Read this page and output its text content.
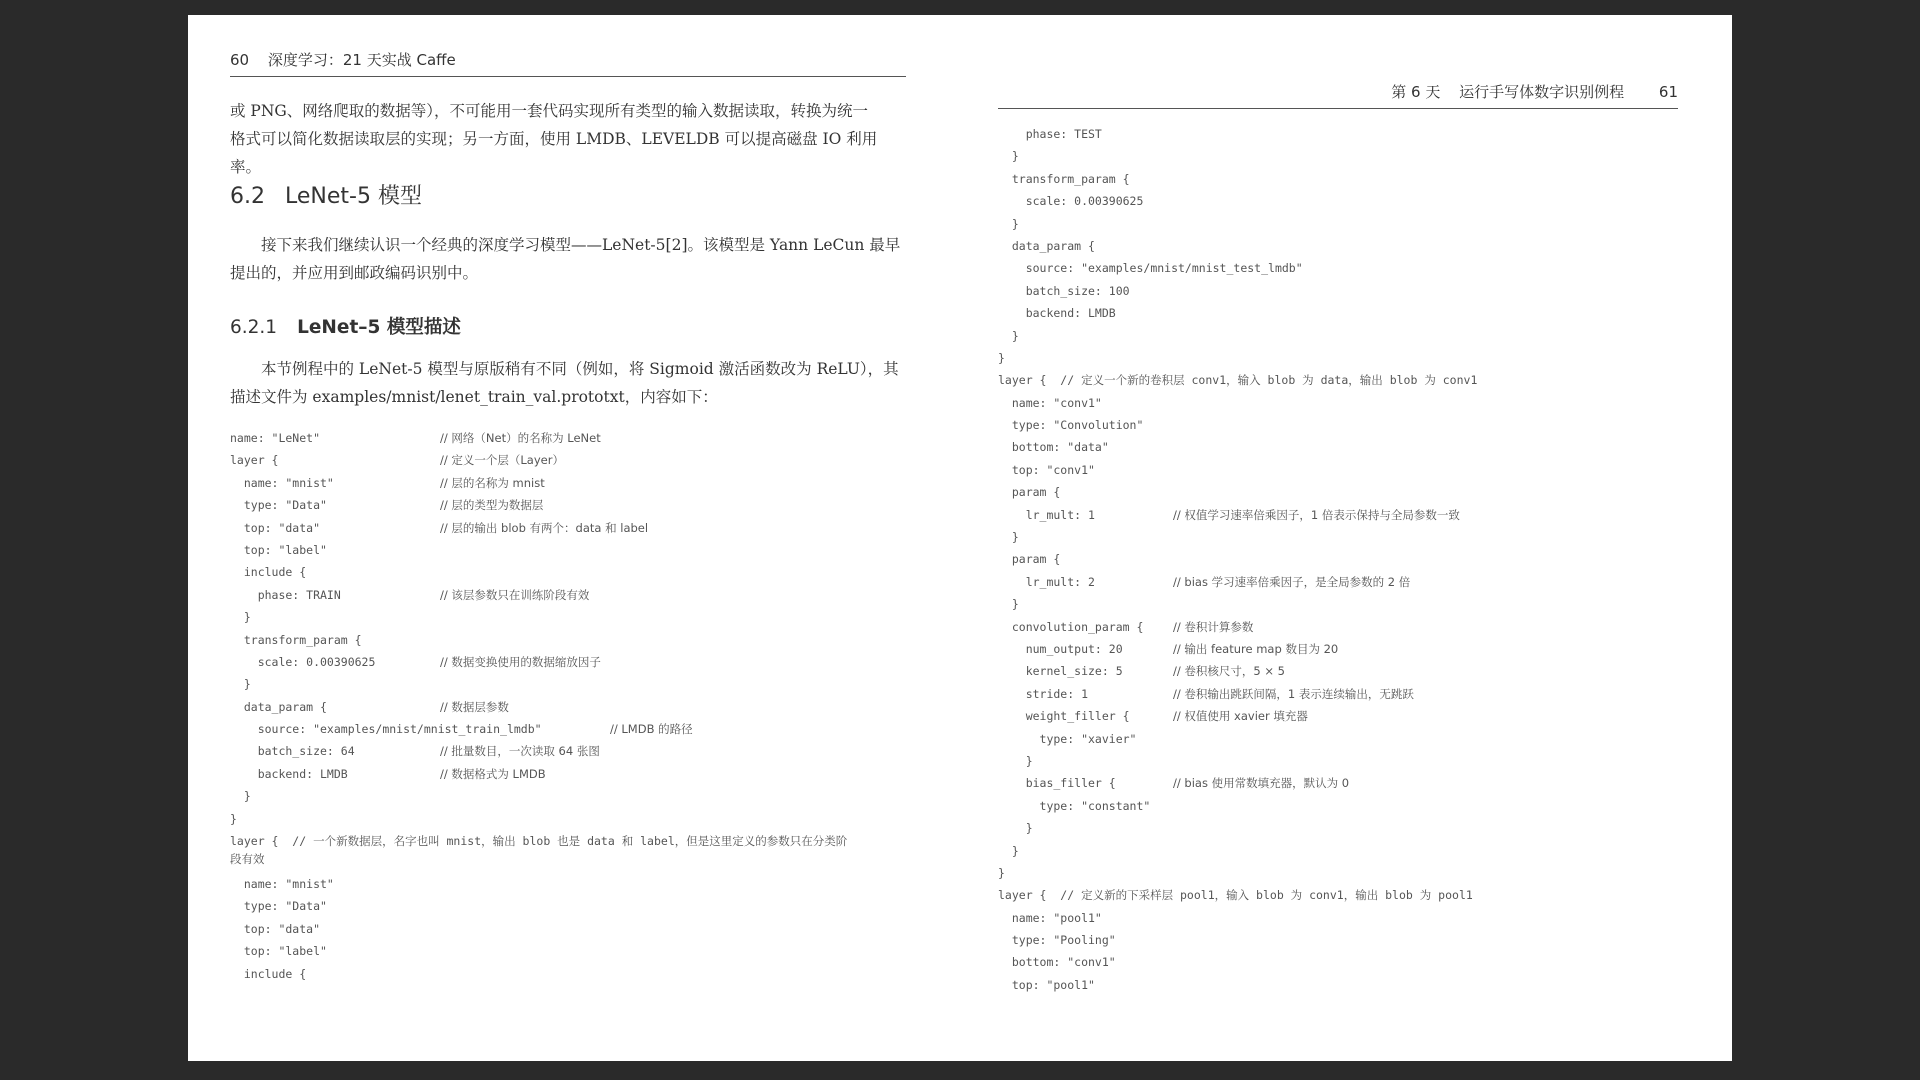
60 深度学习：21 天实战 Caffe
或 PNG、网络爬取的数据等），不可能用一套代码实现所有类型的输入数据读取，转换为统一
格式可以简化数据读取层的实现；另一方面，使用 LMDB、LEVELDB 可以提高磁盘 IO 利用率。
6.2 LeNet-5 模型
接下来我们继续认识一个经典的深度学习模型——LeNet-5[2]。该模型是 Yann LeCun 最早
提出的，并应用到邮政编码识别中。
6.2.1 LeNet–5 模型描述
本节例程中的 LeNet-5 模型与原版稍有不同（例如，将 Sigmoid 激活函数改为 ReLU），其
描述文件为 examples/mnist/lenet_train_val.prototxt，内容如下：
name: "LeNet"	// 网络（Net）的名称为 LeNet
layer {	// 定义一个层（Layer）
name: "mnist"	// 层的名称为 mnist
type: "Data"	// 层的类型为数据层
top: "data"	// 层的输出 blob 有两个：data 和 label
top: "label"
include {
phase: TRAIN	// 该层参数只在训练阶段有效
}
transform_param {
scale: 0.00390625	// 数据变换使用的数据缩放因子
}
data_param {	// 数据层参数
source: "examples/mnist/mnist_train_lmdb"	// LMDB 的路径
batch_size: 64	// 批量数目，一次读取 64 张图
backend: LMDB	// 数据格式为 LMDB
}
}
layer {  // 一个新数据层，名字也叫 mnist，输出 blob 也是 data 和 label，但是这里定义的参数只在分类阶
段有效
name: "mnist"
type: "Data"
top: "data"
top: "label"
include {
第 6 天 运行手写体数字识别例程 61
phase: TEST
}
transform_param {
scale: 0.00390625
}
data_param {
source: "examples/mnist/mnist_test_lmdb"
batch_size: 100
backend: LMDB
}
}
layer {  // 定义一个新的卷积层 conv1，输入 blob 为 data，输出 blob 为 conv1
name: "conv1"
type: "Convolution"
bottom: "data"
top: "conv1"
param {
lr_mult: 1	// 权值学习速率倍乘因子，1 倍表示保持与全局参数一致
}
param {
lr_mult: 2	// bias 学习速率倍乘因子，是全局参数的 2 倍
}
convolution_param {	// 卷积计算参数
num_output: 20	// 输出 feature map 数目为 20
kernel_size: 5	// 卷积核尺寸，5 × 5
stride: 1	// 卷积输出跳跃间隔，1 表示连续输出，无跳跃
weight_filler {	// 权值使用 xavier 填充器
type: "xavier"
}
bias_filler {	// bias 使用常数填充器，默认为 0
type: "constant"
}
}
}
layer {  // 定义新的下采样层 pool1，输入 blob 为 conv1，输出 blob 为 pool1
name: "pool1"
type: "Pooling"
bottom: "conv1"
top: "pool1"
